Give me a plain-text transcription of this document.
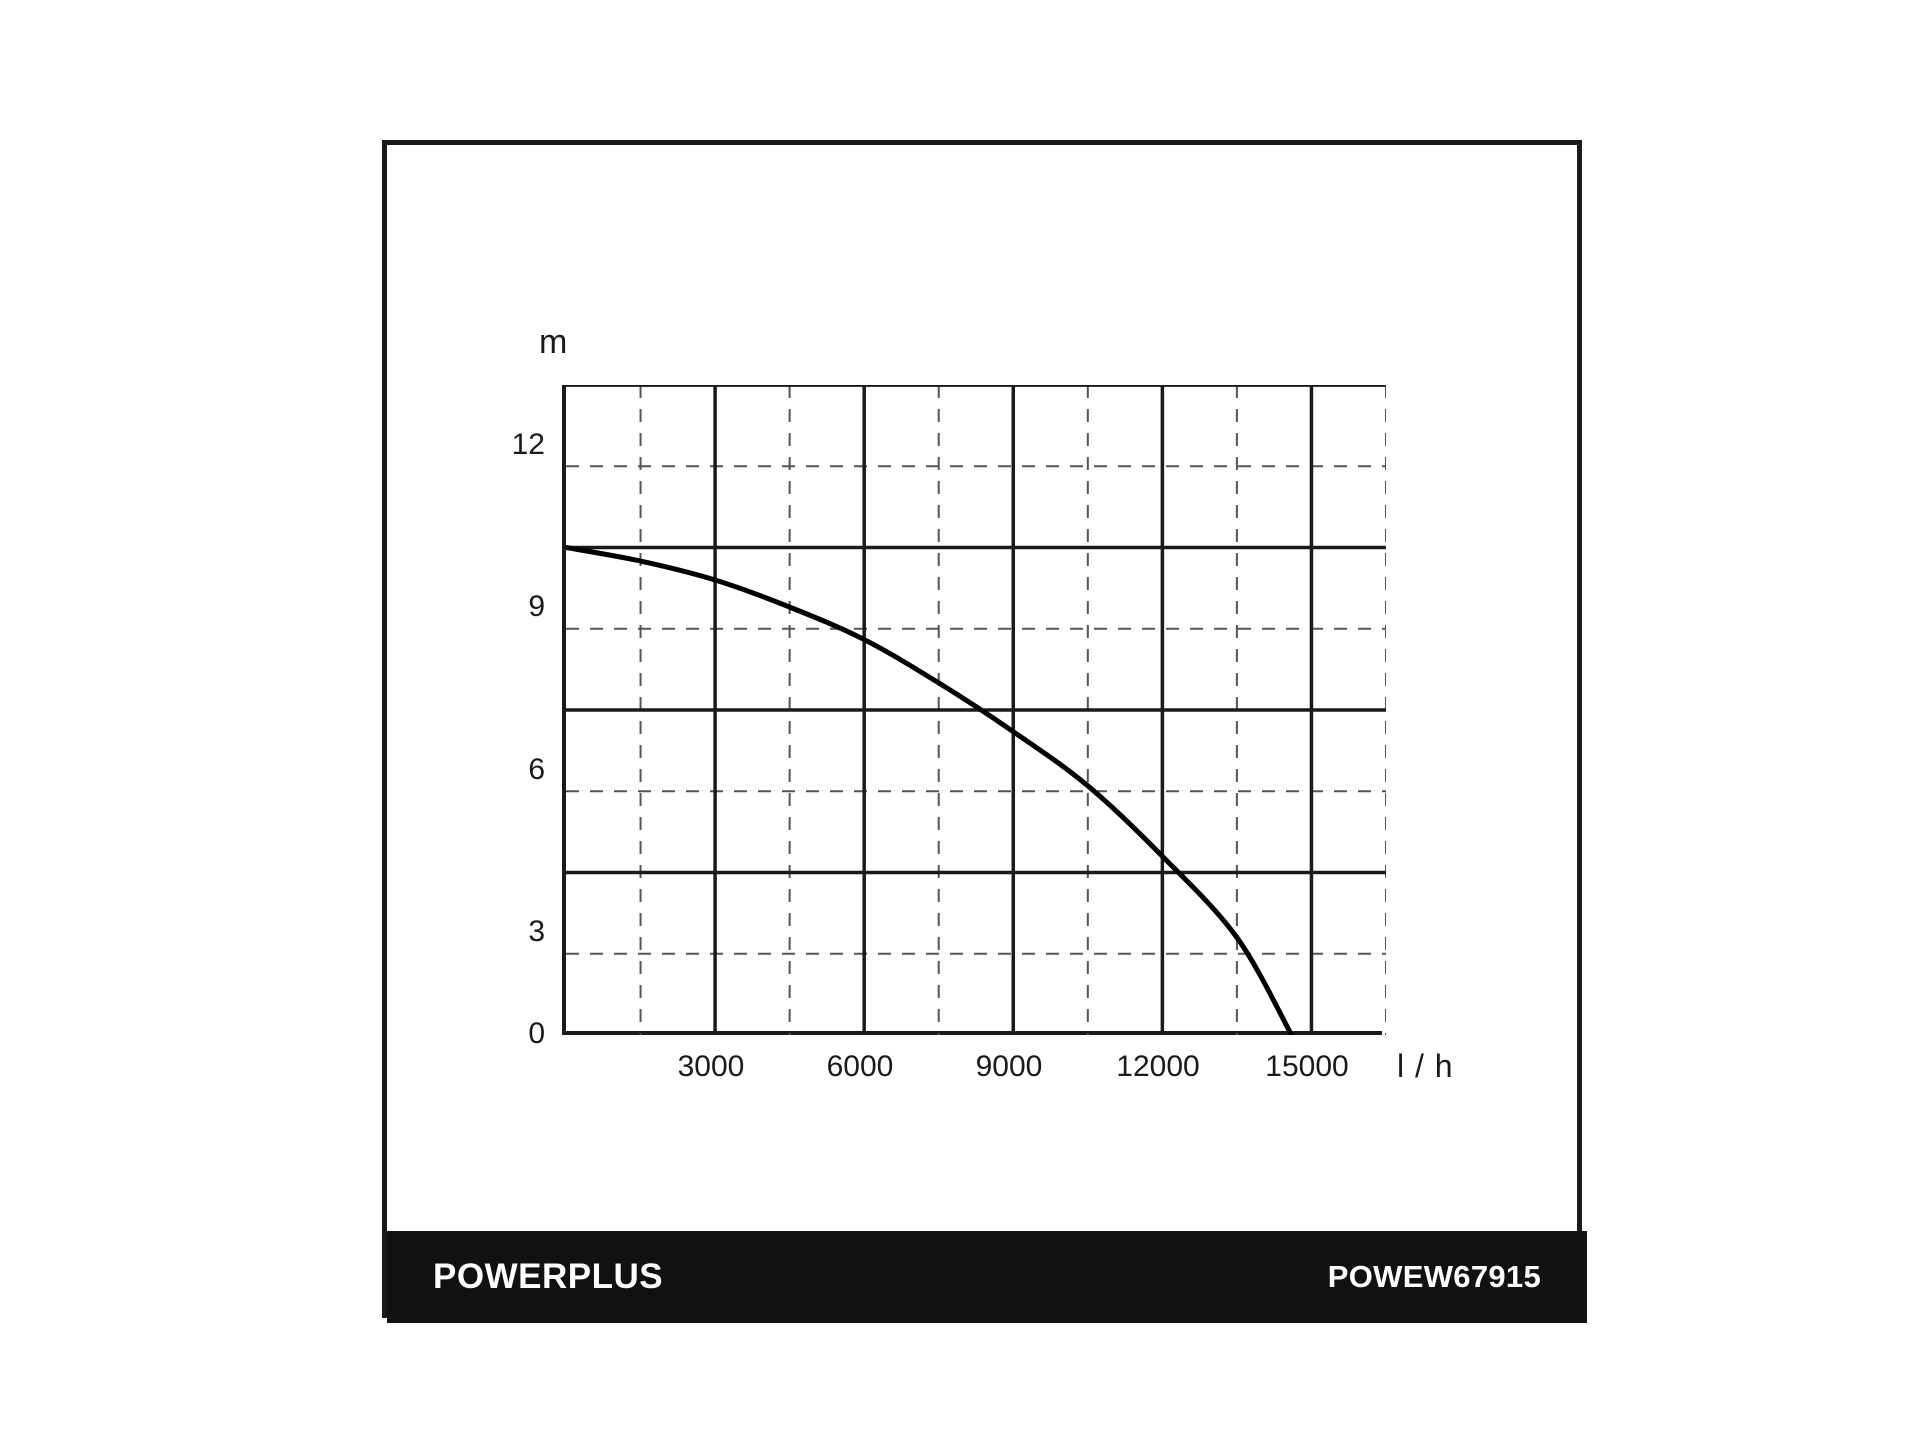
m
12
9
6
3
0
3000	6000	9000 12000 15000 l / h
POWERPLUS	POWEW67915
